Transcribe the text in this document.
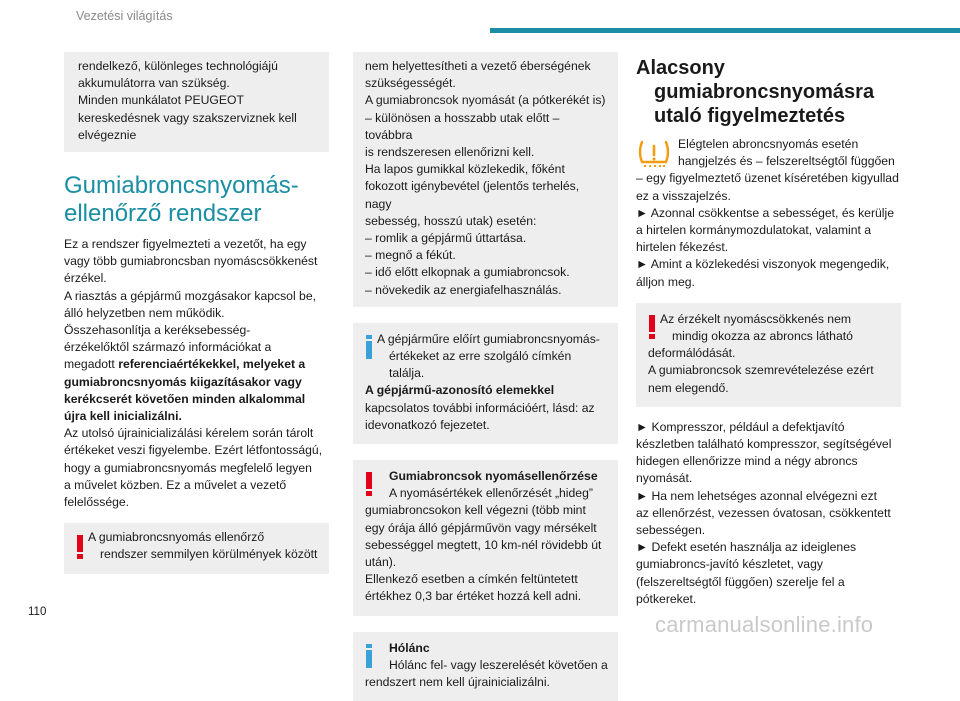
Vezetési világítás
rendelkező, különleges technológiájú
akkumulátorra van szükség.
Minden munkálatot PEUGEOT
kereskedésnek vagy szakszerviznek kell
elvégeznie
Gumiabroncsnyomás-
ellenőrző rendszer

Ez a rendszer figyelmezteti a vezetőt, ha egy

vagy több gumiabroncsban nyomáscsökkenést

érzékel.

A riasztás a gépjármű mozgásakor kapcsol be,

álló helyzetben nem működik.

Összehasonlítja a keréksebesség-

érzékelőktől származó információkat a

megadott referenciaértékekkel, melyeket a

gumiabroncsnyomás kiigazításakor vagy

kerékcserét követően minden alkalommal

újra kell inicializálni.

Az utolsó újrainicializálási kérelem során tárolt

értékeket veszi figyelembe. Ezért létfontosságú,

hogy a gumiabroncsnyomás megfelelő legyen

a művelet közben. Ez a művelet a vezető

felelőssége.

A gumiabroncsnyomás ellenőrző
rendszer semmilyen körülmények között
nem helyettesítheti a vezető éberségének
szükségességét.
A gumiabroncsok nyomását (a pótkerékét is)
– különösen a hosszabb utak előtt – továbbra
is rendszeresen ellenőrizni kell.
Ha lapos gumikkal közlekedik, főként
fokozott igénybevétel (jelentős terhelés, nagy
sebesség, hosszú utak) esetén:
– romlik a gépjármű úttartása.
– megnő a fékút.
– idő előtt elkopnak a gumiabroncsok.
– növekedik az energiafelhasználás.
A gépjárműre előírt gumiabroncsnyomás-
értékeket az erre szolgáló címkén találja.
A gépjármű-azonosító elemekkel
kapcsolatos további információért, lásd: az
idevonatkozó fejezetet.
Gumiabroncsok nyomásellenőrzése
A nyomásértékek ellenőrzését „hideg”
gumiabroncsokon kell végezni (több mint
egy órája álló gépjárművön vagy mérsékelt
sebességgel megtett, 10 km-nél rövidebb út
után).
Ellenkező esetben a címkén feltüntetett
értékhez 0,3 bar értéket hozzá kell adni.
Hólánc
Hólánc fel- vagy leszerelését követően a
rendszert nem kell újrainicializálni.
Alacsony
gumiabroncsnyomásra
utaló figyelmeztetés

Elégtelen abroncsnyomás esetén

hangjelzés és – felszereltségtől függően

– egy figyelmeztető üzenet kíséretében kigyullad

ez a visszajelzés.

► Azonnal csökkentse a sebességet, és kerülje

a hirtelen kormánymozdulatokat, valamint a

hirtelen fékezést.

► Amint a közlekedési viszonyok megengedik,

álljon meg.

Az érzékelt nyomáscsökkenés nem
mindig okozza az abroncs látható
deformálódását.
A gumiabroncsok szemrevételezése ezért
nem elegendő.

► Kompresszor, például a defektjavító

készletben található kompresszor, segítségével

hidegen ellenőrizze mind a négy abroncs

nyomását.

► Ha nem lehetséges azonnal elvégezni ezt

az ellenőrzést, vezessen óvatosan, csökkentett

sebességen.

► Defekt esetén használja az ideiglenes

gumiabroncs-javító készletet, vagy

(felszereltségtől függően) szerelje fel a

pótkereket.

110	carmanualsonline.info
